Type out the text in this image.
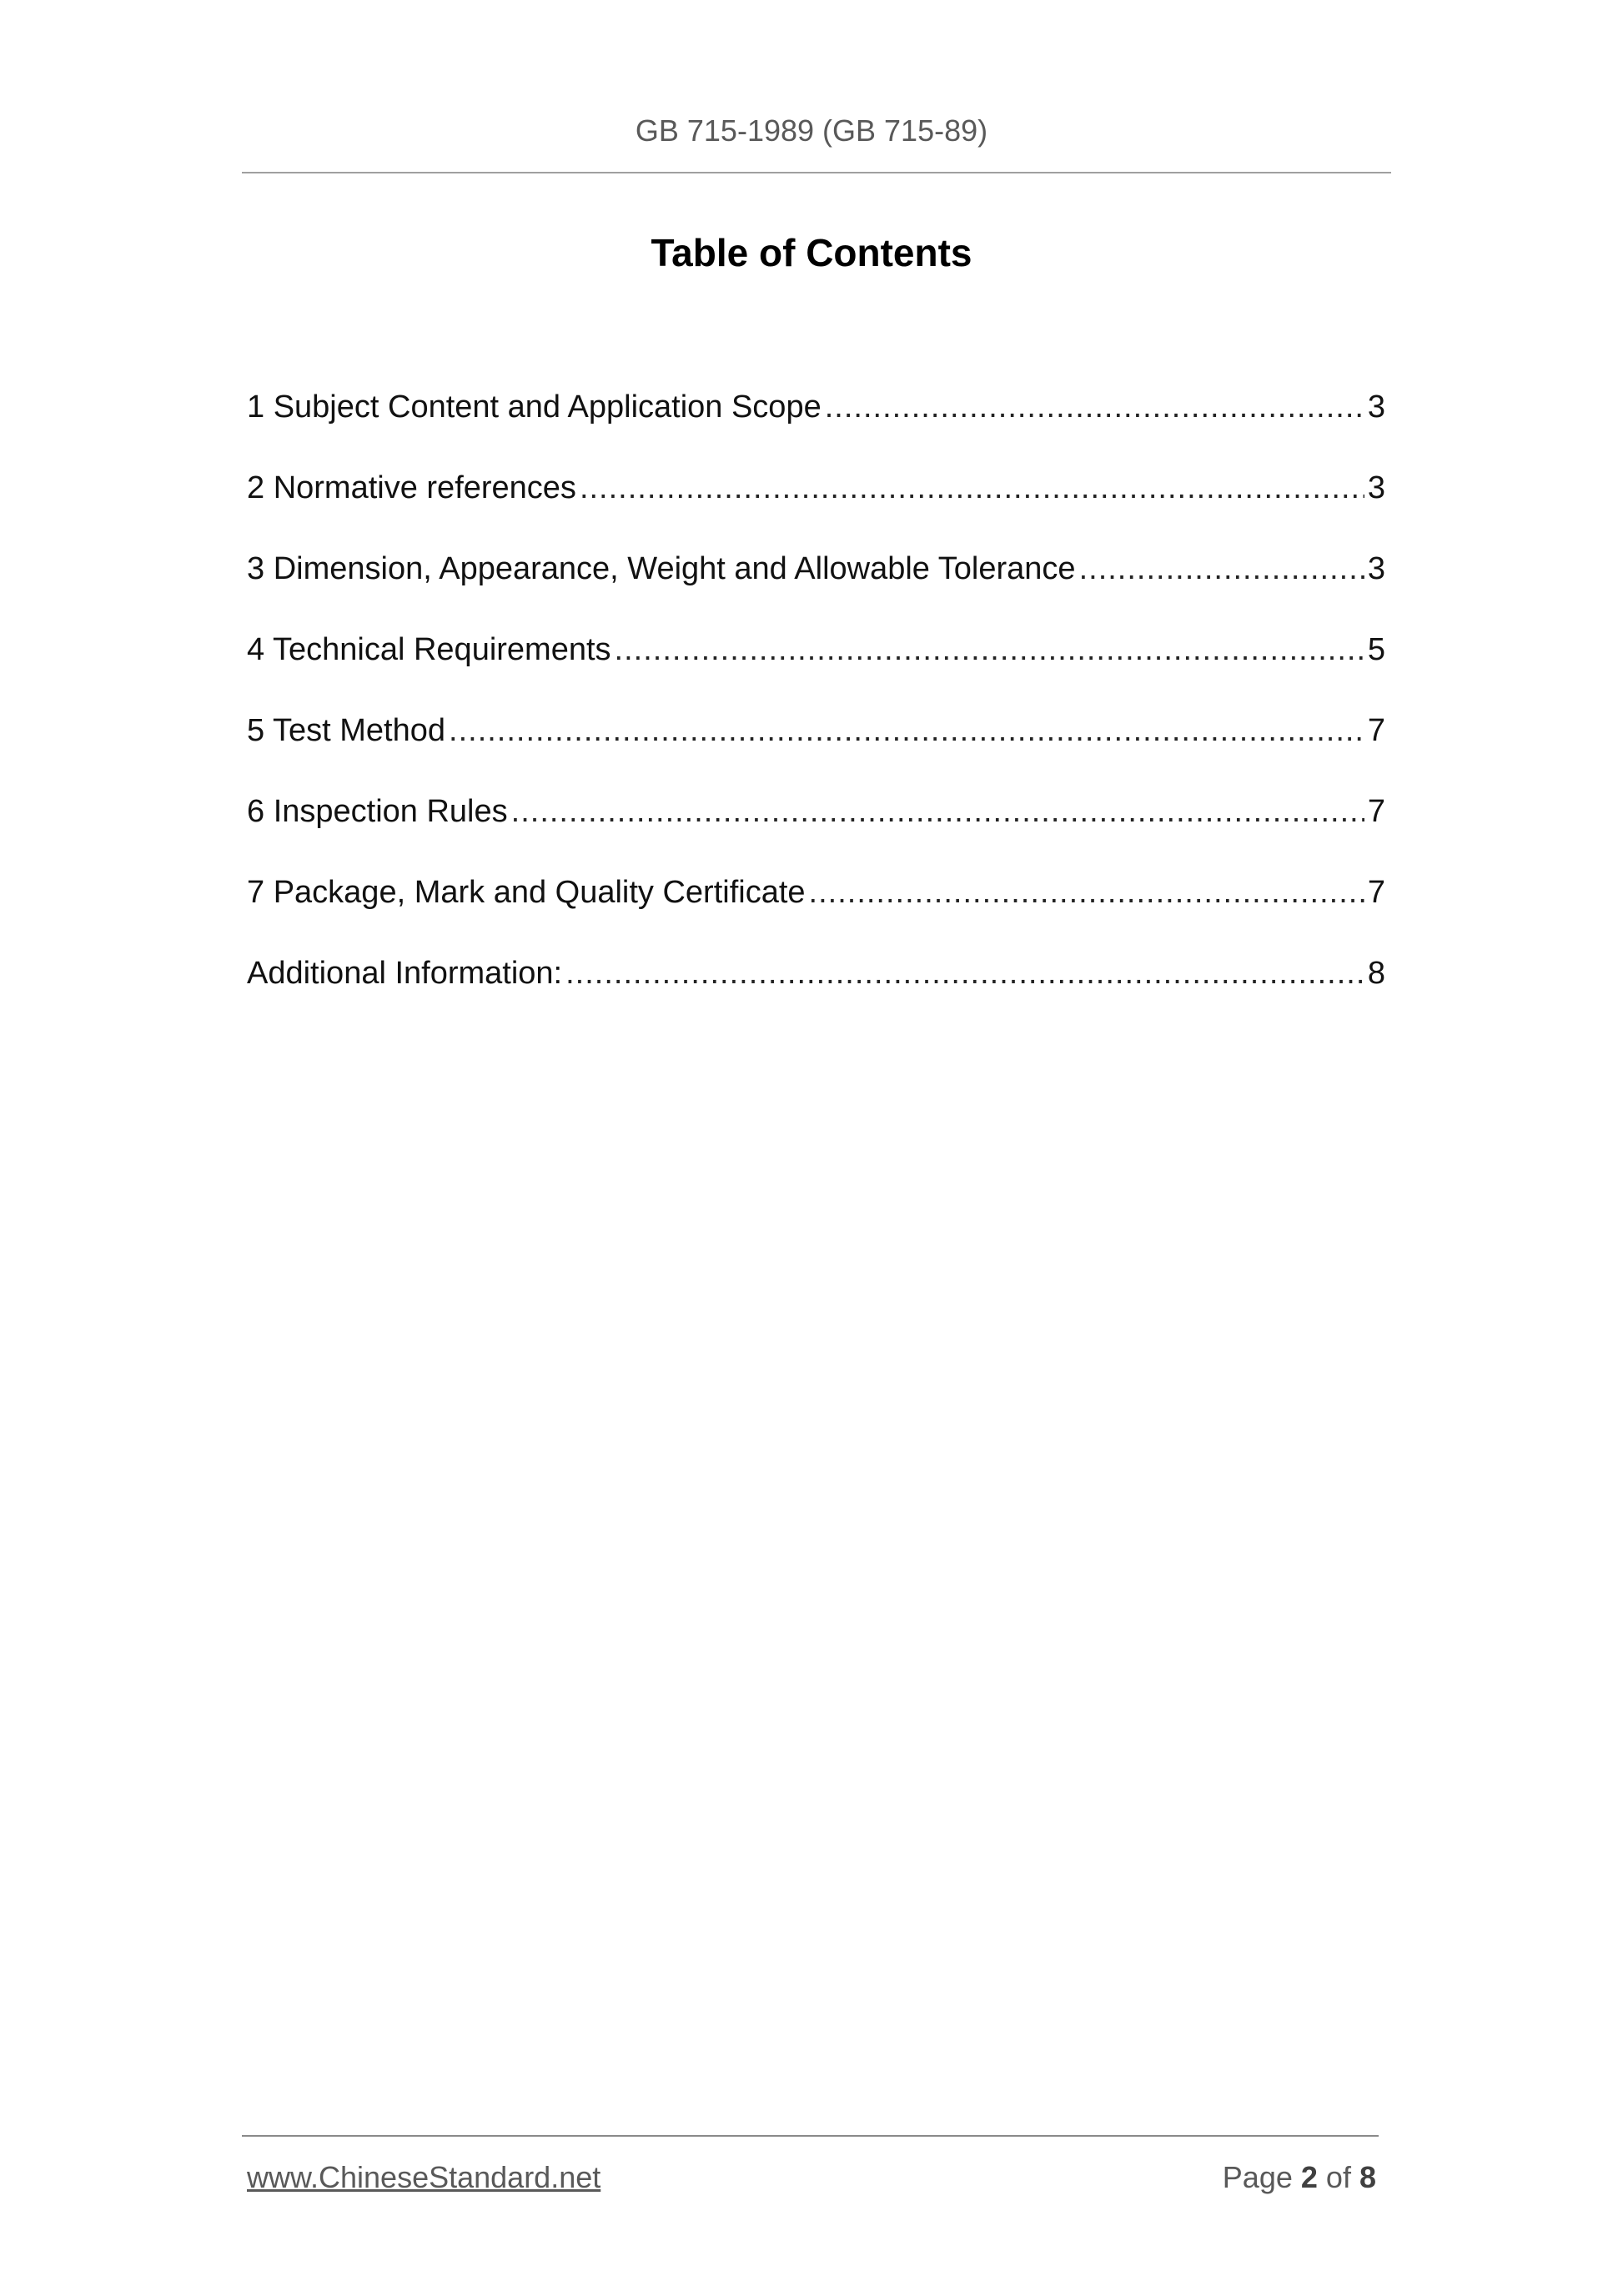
GB 715-1989 (GB 715-89)
Table of Contents
1 Subject Content and Application Scope .....	3
2 Normative references .....	3
3 Dimension, Appearance, Weight and Allowable Tolerance .....	3
4 Technical Requirements .....	5
5 Test Method .....	7
6 Inspection Rules .....	7
7 Package, Mark and Quality Certificate .....	7
Additional Information: .....	8
www.ChineseStandard.net	Page 2 of 8
